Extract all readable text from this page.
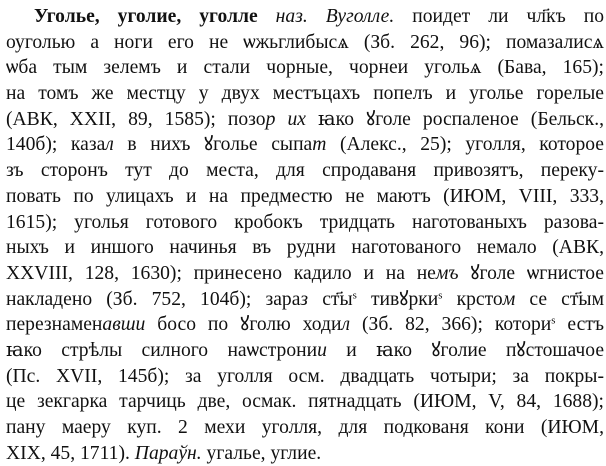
Уголье, уголие, уголле наз. Вуголле. поидет ли чл҃къ по
оуголью а ноги его не ѡжьглибысѧ (Зб. 262, 96); помазалисѧ
ѡба тым зелемъ и стали чорные, чорнеи угольѧ (Бава, 165);
на томъ же местцу у двух местъцахъ попелъ и уголье горелые
(АВК, XXII, 89, 1585); позор их ꙗко ꙋголе роспаленое (Бельск.,
140б); казал в нихъ ꙋголье сыпат (Алекс., 25); уголля, которое
зъ сторонъ тут до места, для спродаваня привозятъ, переку-
повать по улицахъ и на предместю не маютъ (ИЮМ, VIII, 333,
1615); уголья готового кробокъ тридцать наготованыхъ разова-
ныхъ и иншого начинья въ рудни наготованого немало (АВК,
XXVIII, 128, 1630); принесено кадило и на немъ ꙋголе ѡгнистое
накладено (Зб. 752, 104б); зараз $ст҃ы^s$ тивꙋрки$^s$ крстом се ст҃ым
перезнаменавши босо по ꙋголю ходил (Зб. 82, 366); котори$^s$ естъ
ꙗко стрѣлы силного наѡстронии и ꙗко ꙋголие пꙋстошачое
(Пс. XVII, 145б); за уголля осм. двадцать чотыри; за покры-
це зекгарка тарчиць две, осмак. пятнадцать (ИЮМ, V, 84, 1688);
пану маеру куп. 2 мехи уголля, для подкованя кони (ИЮМ,
XIX, 45, 1711). Параўн. угалье, углие.
